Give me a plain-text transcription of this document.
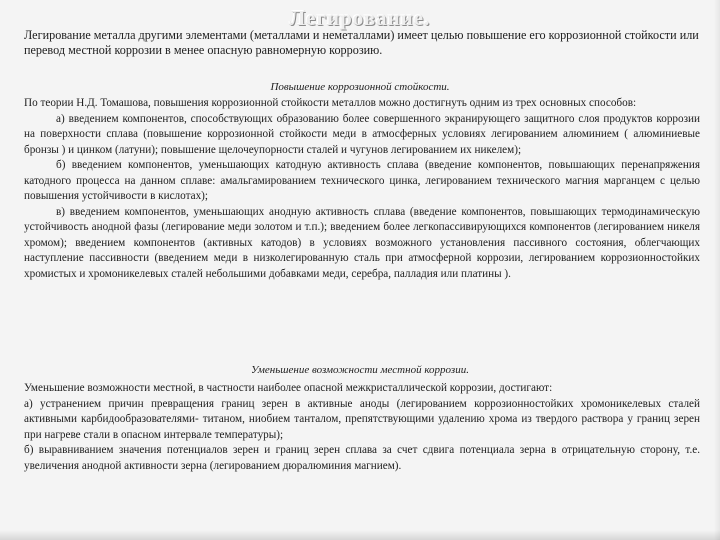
Легирование.
Легирование металла другими элементами (металлами и неметаллами) имеет целью повышение его коррозионной стойкости или перевод местной коррозии в менее опасную равномерную коррозию.
Повышение коррозионной стойкости.

По теории Н.Д. Томашова, повышения коррозионной стойкости металлов можно достигнуть одним из трех основных способов:

а) введением компонентов, способствующих образованию более совершенного экранирующего защитного слоя продуктов коррозии на поверхности сплава (повышение коррозионной стойкости меди в атмосферных условиях легированием алюминием ( алюминиевые бронзы ) и цинком (латуни); повышение щелочеупорности сталей и чугунов легированием их никелем);

б) введением компонентов, уменьшающих катодную активность сплава (введение компонентов, повышающих перенапряжения катодного процесса на данном сплаве: амальгамированием технического цинка, легированием технического магния марганцем с целью повышения устойчивости в кислотах);

в) введением компонентов, уменьшающих анодную активность сплава (введение компонентов, повышающих термодинамическую устойчивость анодной фазы (легирование меди золотом и т.п.); введением более легкопассивирующихся компонентов (легированием никеля хромом); введением компонентов (активных катодов) в условиях возможного установления пассивного состояния, облегчающих наступление пассивности (введением меди в низколегированную сталь при атмосферной коррозии, легированием коррозионностойких хромистых и хромоникелевых сталей небольшими добавками меди, серебра, палладия или платины ).

Уменьшение возможности местной коррозии.

Уменьшение возможности местной, в частности наиболее опасной межкристаллической коррозии, достигают:

а) устранением причин превращения границ зерен в активные аноды (легированием коррозионностойких хромоникелевых сталей активными карбидообразователями- титаном, ниобием танталом, препятствующими удалению хрома из твердого раствора у границ зерен при нагреве стали в опасном интервале температуры);

б) выравниванием значения потенциалов зерен и границ зерен сплава за счет сдвига потенциала зерна в отрицательную сторону, т.е. увеличения анодной активности зерна (легированием дюралюминия магнием).
